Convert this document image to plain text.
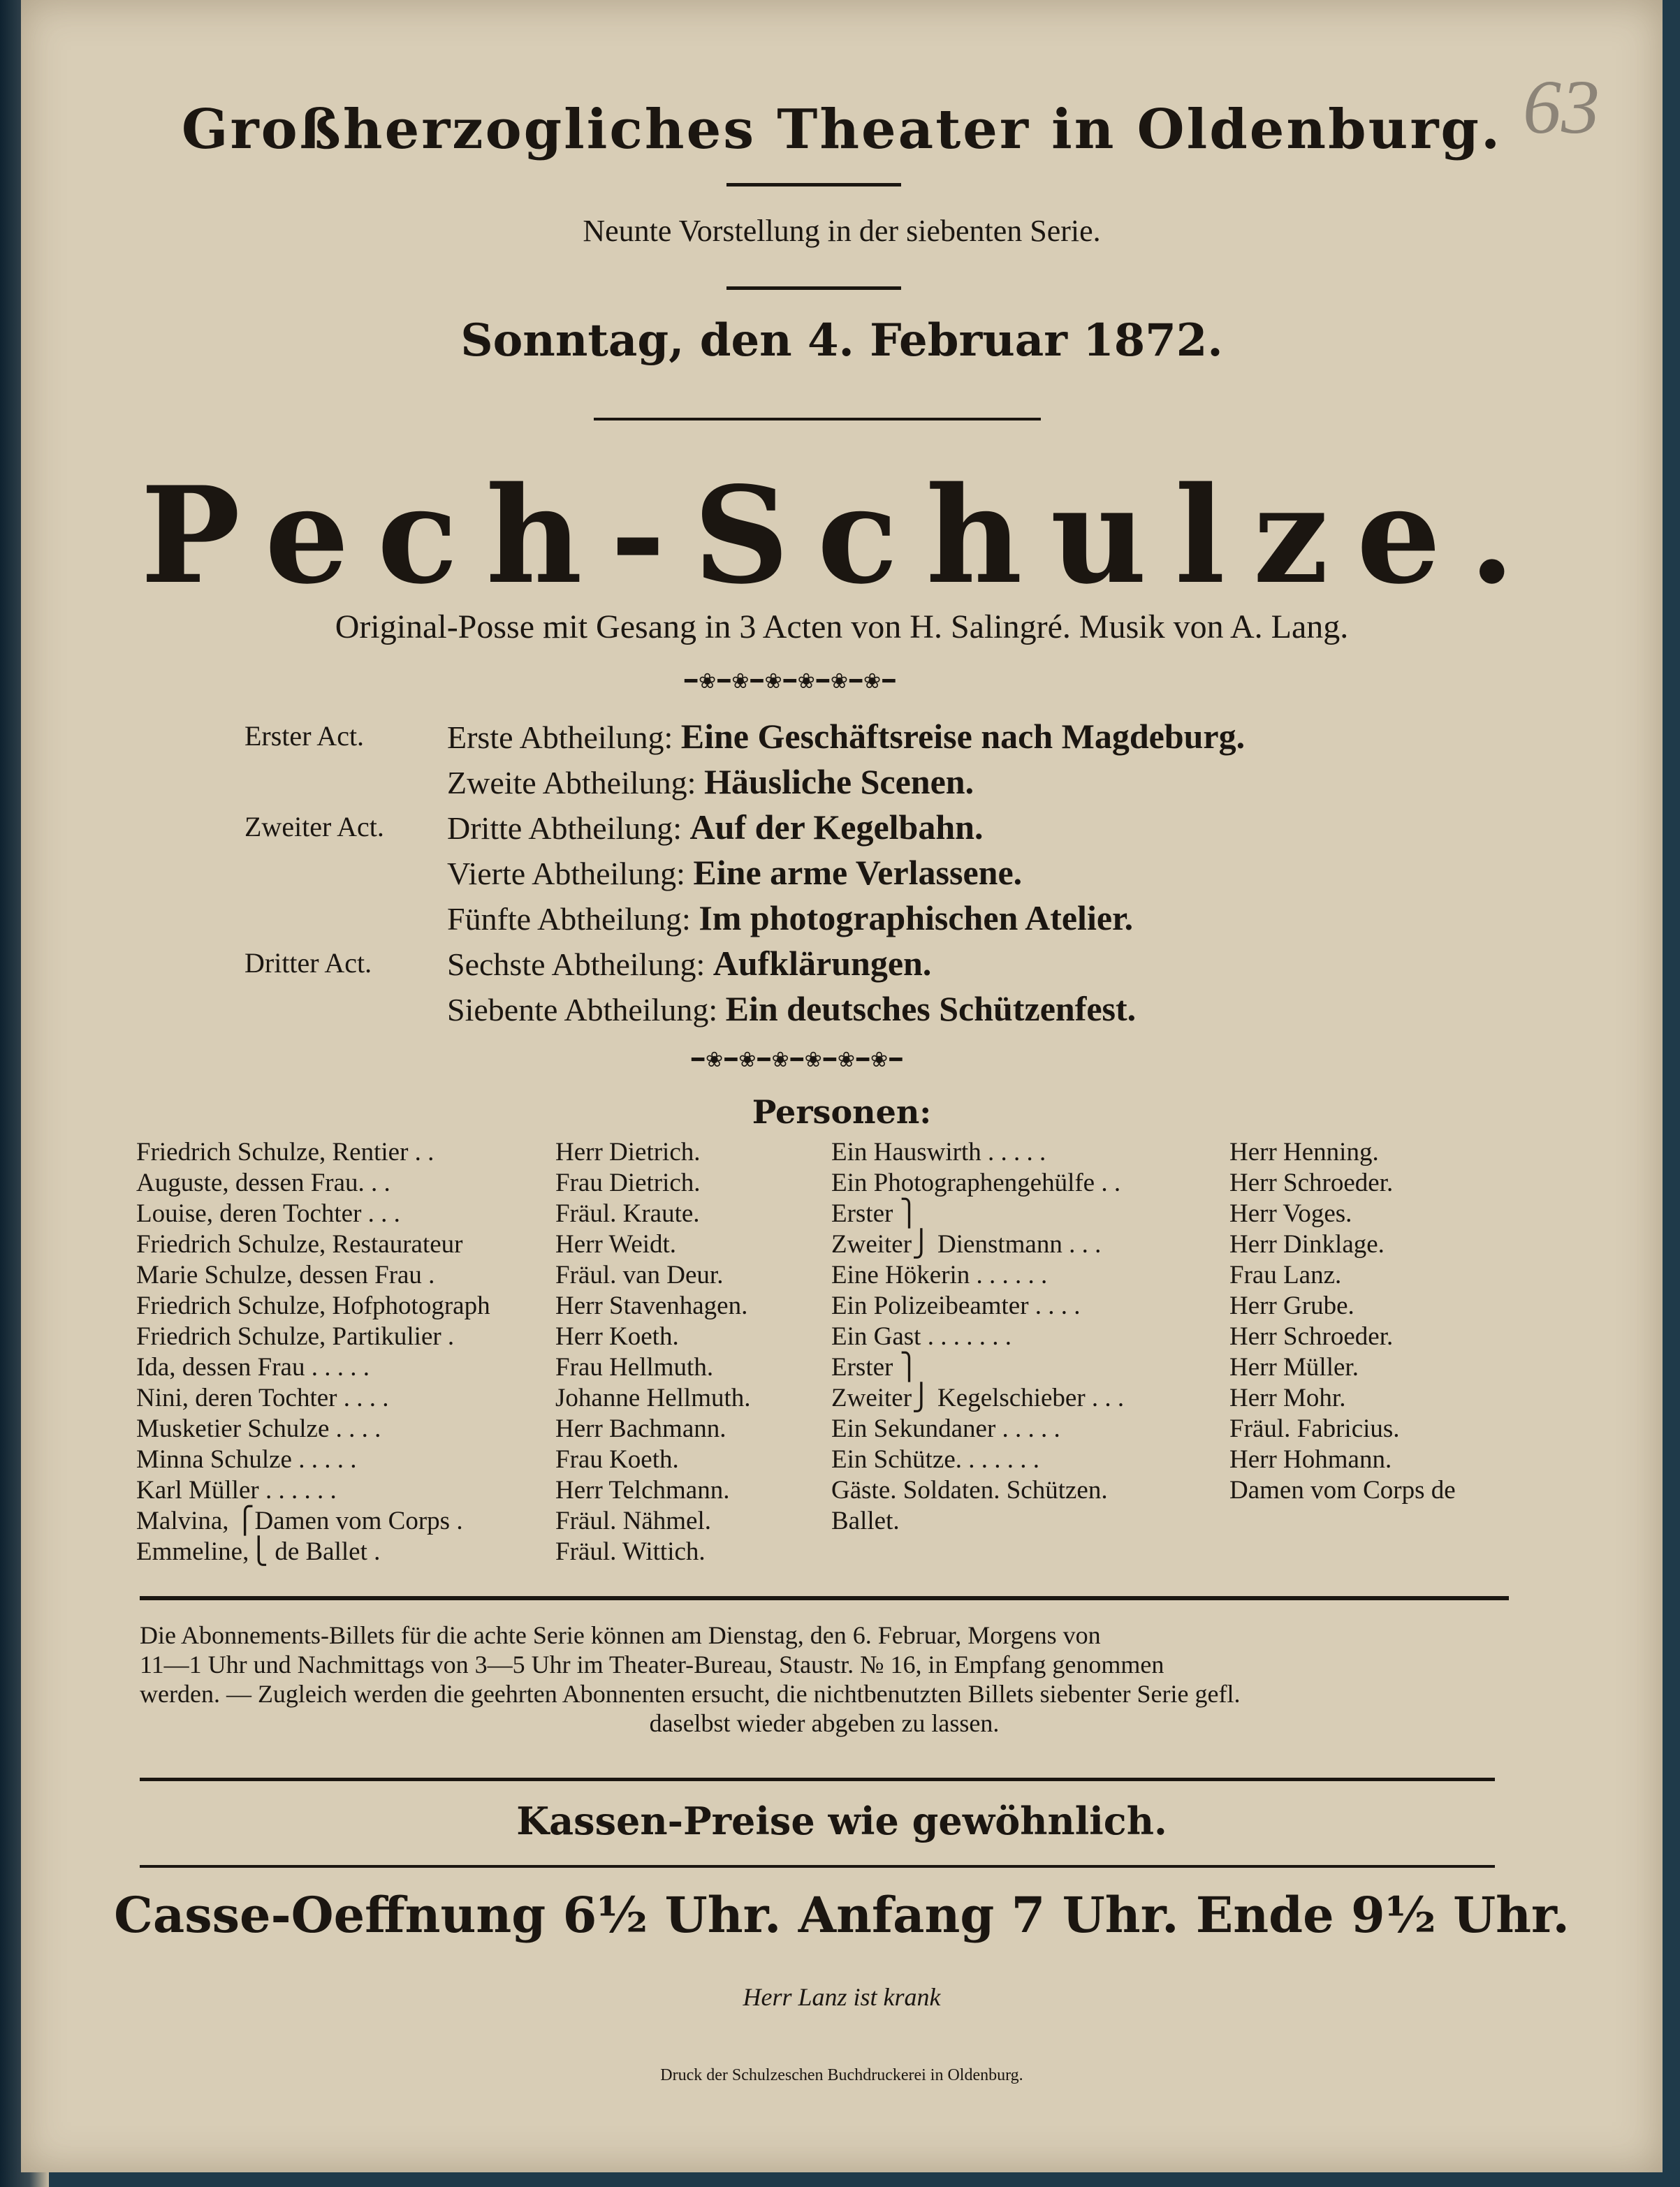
63
Großherzogliches Theater in Oldenburg.
Neunte Vorstellung in der siebenten Serie.
Sonntag, den 4. Februar 1872.
Pech-Schulze.
Original-Posse mit Gesang in 3 Acten von H. Salingré. Musik von A. Lang.
━❀━❀━❀━❀━❀━❀━
Erster Act.	Erste Abtheilung: Eine Geschäftsreise nach Magdeburg.
Zweite Abtheilung: Häusliche Scenen.
Zweiter Act. Dritte Abtheilung: Auf der Kegelbahn.
Vierte Abtheilung: Eine arme Verlassene.
Fünfte Abtheilung: Im photographischen Atelier.
Dritter Act. Sechste Abtheilung: Aufklärungen.
Siebente Abtheilung: Ein deutsches Schützenfest.
━❀━❀━❀━❀━❀━❀━
Personen:
Friedrich Schulze, Rentier . .	Herr Dietrich.
Auguste, dessen Frau. . .	Frau Dietrich.
Louise, deren Tochter . . .	Fräul. Kraute.
Friedrich Schulze, Restaurateur	Herr Weidt.
Marie Schulze, dessen Frau .	Fräul. van Deur.
Friedrich Schulze, Hofphotograph	Herr Stavenhagen.
Friedrich Schulze, Partikulier .	Herr Koeth.
Ida, dessen Frau . . . . .	Frau Hellmuth.
Nini, deren Tochter . . . .	Johanne Hellmuth.
Musketier Schulze . . . .	Herr Bachmann.
Minna Schulze . . . . .	Frau Koeth.
Karl Müller . . . . . .	Herr Telchmann.
Malvina, ⎧Damen vom Corps .	Fräul. Nähmel.
Emmeline,⎩ de Ballet .	Fräul. Wittich.
Ein Hauswirth . . . . .	Herr Henning.
Ein Photographengehülfe . .	Herr Schroeder.
Erster ⎫	Herr Voges.
Zweiter⎭ Dienstmann . . .	Herr Dinklage.
Eine Hökerin . . . . . .	Frau Lanz.
Ein Polizeibeamter . . . .	Herr Grube.
Ein Gast . . . . . . .	Herr Schroeder.
Erster ⎫	Herr Müller.
Zweiter⎭ Kegelschieber . . .	Herr Mohr.
Ein Sekundaner . . . . .	Fräul. Fabricius.
Ein Schütze. . . . . . .	Herr Hohmann.
Gäste. Soldaten. Schützen.	Damen vom Corps de
Ballet.
Die Abonnements-Billets für die achte Serie können am Dienstag, den 6. Februar, Morgens von
11—1 Uhr und Nachmittags von 3—5 Uhr im Theater-Bureau, Staustr. № 16, in Empfang genommen
werden. — Zugleich werden die geehrten Abonnenten ersucht, die nichtbenutzten Billets siebenter Serie gefl.
daselbst wieder abgeben zu lassen.
Kassen-Preise wie gewöhnlich.
Casse-Oeffnung 6½ Uhr. Anfang 7 Uhr. Ende 9½ Uhr.
Herr Lanz ist krank
Druck der Schulzeschen Buchdruckerei in Oldenburg.
